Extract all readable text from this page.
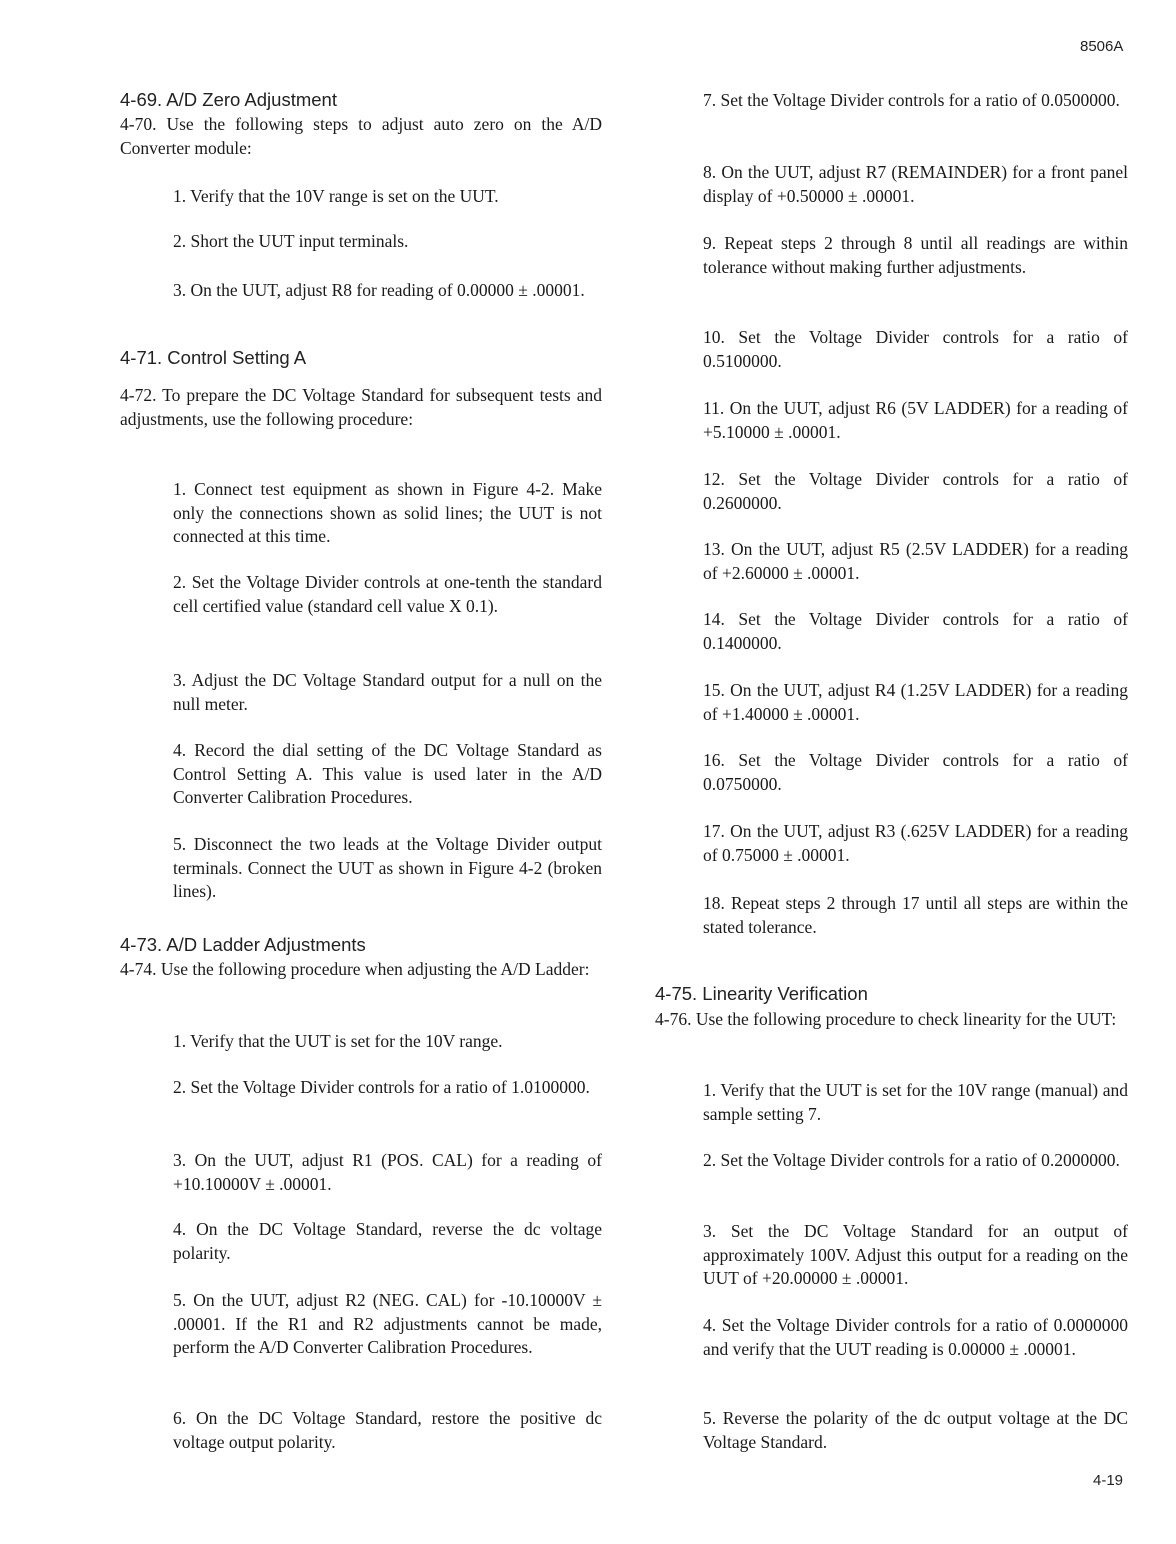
8506A
4-69. A/D Zero Adjustment
4-70. Use the following steps to adjust auto zero on the A/D Converter module:
1. Verify that the 10V range is set on the UUT.
2. Short the UUT input terminals.
3. On the UUT, adjust R8 for reading of 0.00000 ± .00001.
4-71. Control Setting A
4-72. To prepare the DC Voltage Standard for subsequent tests and adjustments, use the following procedure:
1. Connect test equipment as shown in Figure 4-2. Make only the connections shown as solid lines; the UUT is not connected at this time.
2. Set the Voltage Divider controls at one-tenth the standard cell certified value (standard cell value X 0.1).
3. Adjust the DC Voltage Standard output for a null on the null meter.
4. Record the dial setting of the DC Voltage Standard as Control Setting A. This value is used later in the A/D Converter Calibration Procedures.
5. Disconnect the two leads at the Voltage Divider output terminals. Connect the UUT as shown in Figure 4-2 (broken lines).
4-73. A/D Ladder Adjustments
4-74. Use the following procedure when adjusting the A/D Ladder:
1. Verify that the UUT is set for the 10V range.
2. Set the Voltage Divider controls for a ratio of 1.0100000.
3. On the UUT, adjust R1 (POS. CAL) for a reading of +10.10000V ± .00001.
4. On the DC Voltage Standard, reverse the dc voltage polarity.
5. On the UUT, adjust R2 (NEG. CAL) for -10.10000V ± .00001. If the R1 and R2 adjustments cannot be made, perform the A/D Converter Calibration Procedures.
6. On the DC Voltage Standard, restore the positive dc voltage output polarity.
7. Set the Voltage Divider controls for a ratio of 0.0500000.
8. On the UUT, adjust R7 (REMAINDER) for a front panel display of +0.50000 ± .00001.
9. Repeat steps 2 through 8 until all readings are within tolerance without making further adjustments.
10. Set the Voltage Divider controls for a ratio of 0.5100000.
11. On the UUT, adjust R6 (5V LADDER) for a reading of +5.10000 ± .00001.
12. Set the Voltage Divider controls for a ratio of 0.2600000.
13. On the UUT, adjust R5 (2.5V LADDER) for a reading of +2.60000 ± .00001.
14. Set the Voltage Divider controls for a ratio of 0.1400000.
15. On the UUT, adjust R4 (1.25V LADDER) for a reading of +1.40000 ± .00001.
16. Set the Voltage Divider controls for a ratio of 0.0750000.
17. On the UUT, adjust R3 (.625V LADDER) for a reading of 0.75000 ± .00001.
18. Repeat steps 2 through 17 until all steps are within the stated tolerance.
4-75. Linearity Verification
4-76. Use the following procedure to check linearity for the UUT:
1. Verify that the UUT is set for the 10V range (manual) and sample setting 7.
2. Set the Voltage Divider controls for a ratio of 0.2000000.
3. Set the DC Voltage Standard for an output of approximately 100V. Adjust this output for a reading on the UUT of +20.00000 ± .00001.
4. Set the Voltage Divider controls for a ratio of 0.0000000 and verify that the UUT reading is 0.00000 ± .00001.
5. Reverse the polarity of the dc output voltage at the DC Voltage Standard.
4-19
